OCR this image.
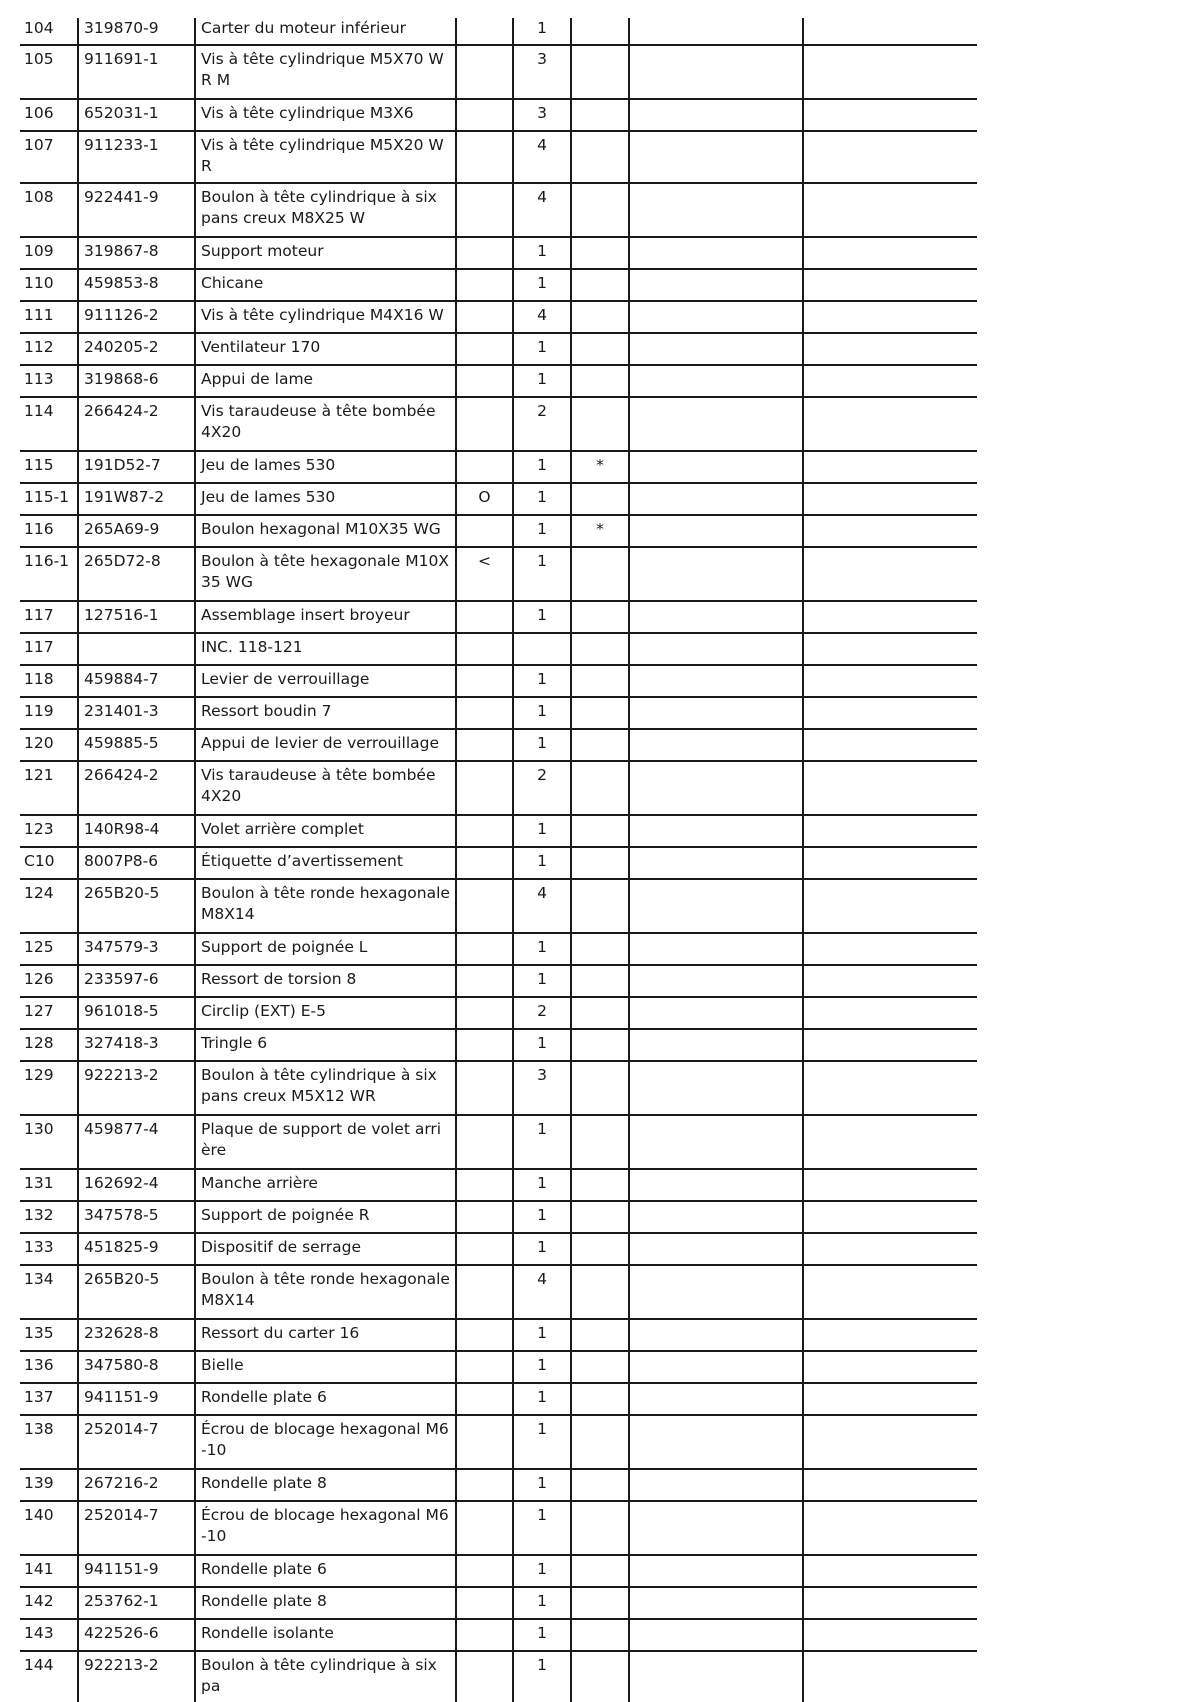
104	319870-9	Carter du moteur inférieur		1			
105	911691-1	Vis à tête cylindrique M5X70 WR M		3			
106	652031-1	Vis à tête cylindrique M3X6		3			
107	911233-1	Vis à tête cylindrique M5X20 WR		4			
108	922441-9	Boulon à tête cylindrique à six pans creux M8X25 W		4			
109	319867-8	Support moteur		1			
110	459853-8	Chicane		1			
111	911126-2	Vis à tête cylindrique M4X16 W		4			
112	240205-2	Ventilateur 170		1			
113	319868-6	Appui de lame		1			
114	266424-2	Vis taraudeuse à tête bombée 4X20		2			
115	191D52-7	Jeu de lames 530		1	*		
115-1	191W87-2	Jeu de lames 530	O	1			
116	265A69-9	Boulon hexagonal M10X35 WG		1	*		
116-1	265D72-8	Boulon à tête hexagonale M10X35 WG	<	1			
117	127516-1	Assemblage insert broyeur		1			
117		INC. 118-121					
118	459884-7	Levier de verrouillage		1			
119	231401-3	Ressort boudin 7		1			
120	459885-5	Appui de levier de verrouillage		1			
121	266424-2	Vis taraudeuse à tête bombée 4X20		2			
123	140R98-4	Volet arrière complet		1			
C10	8007P8-6	Étiquette d’avertissement		1			
124	265B20-5	Boulon à tête ronde hexagonale M8X14		4			
125	347579-3	Support de poignée L		1			
126	233597-6	Ressort de torsion 8		1			
127	961018-5	Circlip (EXT) E-5		2			
128	327418-3	Tringle 6		1			
129	922213-2	Boulon à tête cylindrique à six pans creux M5X12 WR		3			
130	459877-4	Plaque de support de volet arrière		1			
131	162692-4	Manche arrière		1			
132	347578-5	Support de poignée R		1			
133	451825-9	Dispositif de serrage		1			
134	265B20-5	Boulon à tête ronde hexagonale M8X14		4			
135	232628-8	Ressort du carter 16		1			
136	347580-8	Bielle		1			
137	941151-9	Rondelle plate 6		1			
138	252014-7	Écrou de blocage hexagonal M6-10		1			
139	267216-2	Rondelle plate 8		1			
140	252014-7	Écrou de blocage hexagonal M6-10		1			
141	941151-9	Rondelle plate 6		1			
142	253762-1	Rondelle plate 8		1			
143	422526-6	Rondelle isolante		1			
144	922213-2	Boulon à tête cylindrique à six pa		1			
